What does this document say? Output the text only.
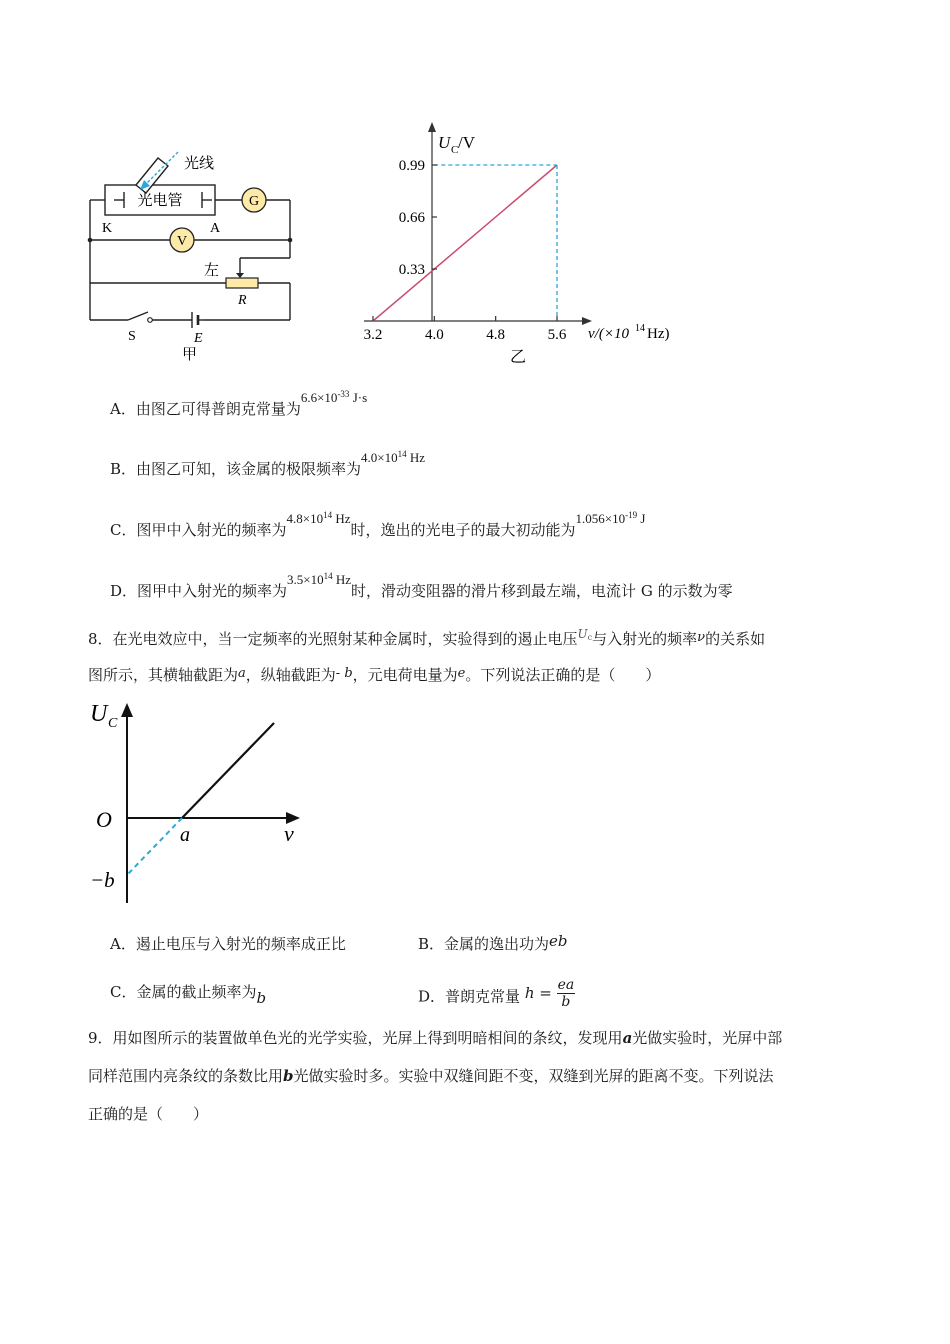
G
V
光线
光电管
K	A
左
R
S	E
甲
0.99
0.66
0.33
3.2	4.0	4.8	5.6
U C /V
ν/(×10 14 Hz)
乙
A．由图乙可得普朗克常量为$6.6\times 10^{-33}$ J·s
B．由图乙可知，该金属的极限频率为$4.0\times 10^{14}$ Hz
C．图甲中入射光的频率为$4.8\times 10^{14}$ Hz时，逸出的光电子的最大初动能为$1.056\times 10^{-19}$ J
D．图甲中入射光的频率为$3.5\times 10^{14}$ Hz时，滑动变阻器的滑片移到最左端，电流计 G 的示数为零
8．在光电效应中，当一定频率的光照射某种金属时，实验得到的遏止电压$^{Uc}$与入射光的频率ν的关系如
图所示，其横轴截距为a，纵轴截距为- b，元电荷电量为e。下列说法正确的是（　　）
U C
O
a	ν
−b
A．遏止电压与入射光的频率成正比	B．金属的逸出功为eb
C．金属的截止频率为b	D．普朗克常量 $h = \frac{ea}{b}$
9．用如图所示的装置做单色光的光学实验，光屏上得到明暗相间的条纹，发现用a光做实验时，光屏中部
同样范围内亮条纹的条数比用b光做实验时多。实验中双缝间距不变，双缝到光屏的距离不变。下列说法
正确的是（　　）
